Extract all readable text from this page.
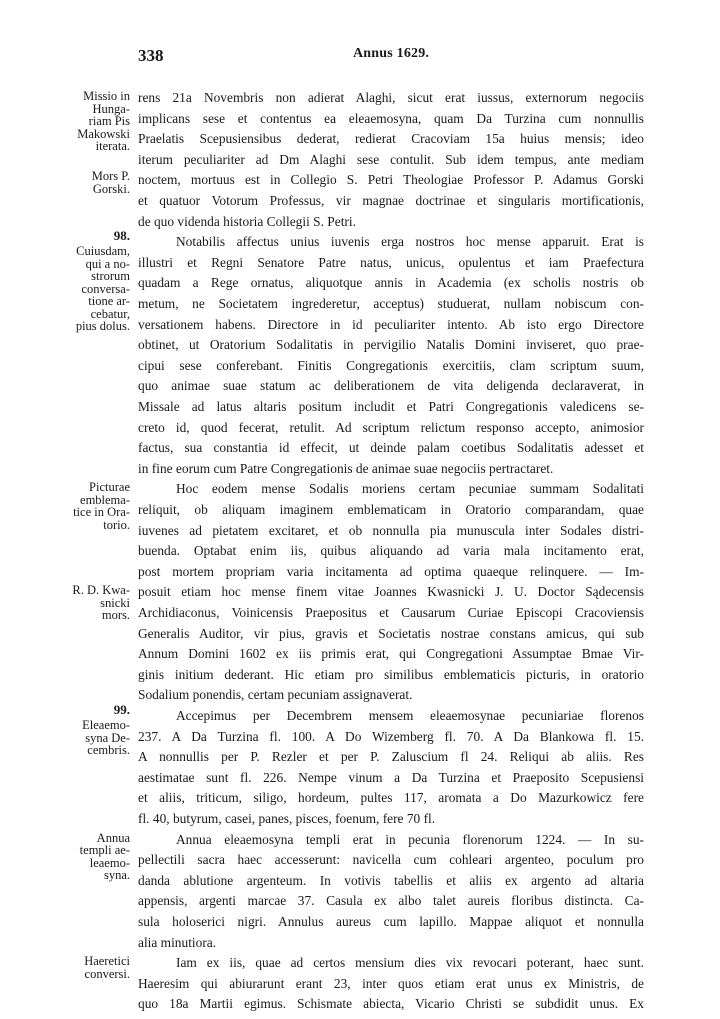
338	Annus 1629.
Missio in
Hunga-
riam Pis
Makowski
iterata.
Mors P.
Gorski.
98.
Cuiusdam,
qui a no-
strorum
conversa-
tione ar-
cebatur,
pius dolus.
Picturae
emblema-
tice in Ora-
torio.
R. D. Kwa-
snicki
mors.
99.
Eleaemo-
syna De-
cembris.
Annua
templi ae-
leaemo-
syna.
Haeretici
conversi.
rens 21a Novembris non adierat Alaghi, sicut erat iussus, externorum negociis
implicans sese et contentus ea eleaemosyna, quam Da Turzina cum nonnullis
Praelatis Scepusiensibus dederat, redierat Cracoviam 15a huius mensis; ideo
iterum peculiariter ad Dm Alaghi sese contulit. Sub idem tempus, ante mediam
noctem, mortuus est in Collegio S. Petri Theologiae Professor P. Adamus Gorski
et quatuor Votorum Professus, vir magnae doctrinae et singularis mortificationis,
de quo videnda historia Collegii S. Petri.
Notabilis affectus unius iuvenis erga nostros hoc mense apparuit. Erat is
illustri et Regni Senatore Patre natus, unicus, opulentus et iam Praefectura
quadam a Rege ornatus, aliquotque annis in Academia (ex scholis nostris ob
metum, ne Societatem ingrederetur, acceptus) studuerat, nullam nobiscum con-
versationem habens. Directore in id peculiariter intento. Ab isto ergo Directore
obtinet, ut Oratorium Sodalitatis in pervigilio Natalis Domini inviseret, quo prae-
cipui sese conferebant. Finitis Congregationis exercitiis, clam scriptum suum,
quo animae suae statum ac deliberationem de vita deligenda declaraverat, in
Missale ad latus altaris positum includit et Patri Congregationis valedicens se-
creto id, quod fecerat, retulit. Ad scriptum relictum responso accepto, animosior
factus, sua constantia id effecit, ut deinde palam coetibus Sodalitatis adesset et
in fine eorum cum Patre Congregationis de animae suae negociis pertractaret.
Hoc eodem mense Sodalis moriens certam pecuniae summam Sodalitati
reliquit, ob aliquam imaginem emblematicam in Oratorio comparandam, quae
iuvenes ad pietatem excitaret, et ob nonnulla pia munuscula inter Sodales distri-
buenda. Optabat enim iis, quibus aliquando ad varia mala incitamento erat,
post mortem propriam varia incitamenta ad optima quaeque relinquere. — Im-
posuit etiam hoc mense finem vitae Joannes Kwasnicki J. U. Doctor Sądecensis
Archidiaconus, Voinicensis Praepositus et Causarum Curiae Episcopi Cracoviensis
Generalis Auditor, vir pius, gravis et Societatis nostrae constans amicus, qui sub
Annum Domini 1602 ex iis primis erat, qui Congregationi Assumptae Bmae Vir-
ginis initium dederant. Hic etiam pro similibus emblematicis picturis, in oratorio
Sodalium ponendis, certam pecuniam assignaverat.
Accepimus per Decembrem mensem eleaemosynae pecuniariae florenos
237. A Da Turzina fl. 100. A Do Wizemberg fl. 70. A Da Blankowa fl. 15.
A nonnullis per P. Rezler et per P. Zaluscium fl 24. Reliqui ab aliis. Res
aestimatae sunt fl. 226. Nempe vinum a Da Turzina et Praeposito Scepusiensi
et aliis, triticum, siligo, hordeum, pultes 117, aromata a Do Mazurkowicz fere
fl. 40, butyrum, casei, panes, pisces, foenum, fere 70 fl.
Annua eleaemosyna templi erat in pecunia florenorum 1224. — In su-
pellectili sacra haec accesserunt: navicella cum cohleari argenteo, poculum pro
danda ablutione argenteum. In votivis tabellis et aliis ex argento ad altaria
appensis, argenti marcae 37. Casula ex albo talet aureis floribus distincta. Ca-
sula holoserici nigri. Annulus aureus cum lapillo. Mappae aliquot et nonnulla
alia minutiora.
Iam ex iis, quae ad certos mensium dies vix revocari poterant, haec sunt.
Haeresim qui abiurarunt erant 23, inter quos etiam erat unus ex Ministris, de
quo 18a Martii egimus. Schismate abiecta, Vicario Christi se subdidit unus. Ex
